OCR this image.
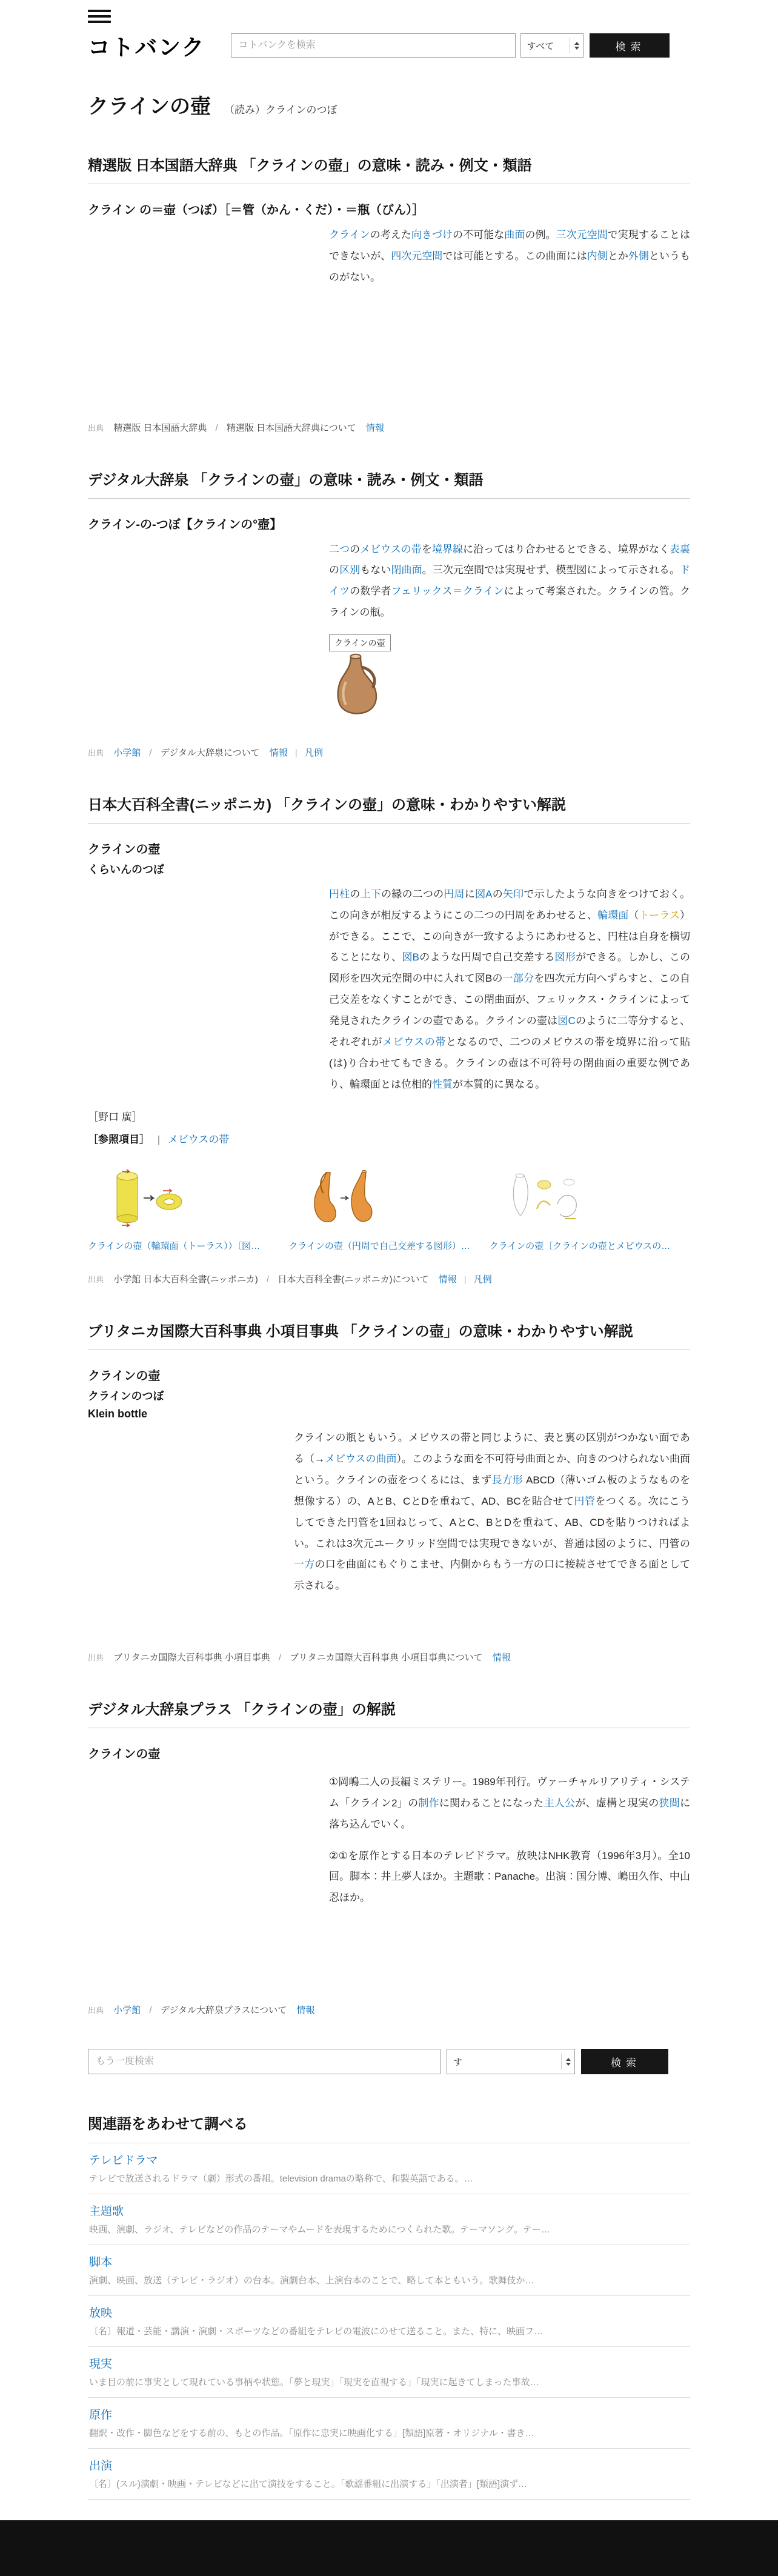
コトバンク
コトバンクを検索	すべて	検索
クラインの壺 （読み）クラインのつぼ
精選版 日本国語大辞典 「クラインの壺」の意味・読み・例文・類語
クライン の＝壺（つぼ）［＝管（かん・くだ）・＝瓶（びん）］
クラインの考えた向きづけの不可能な曲面の例。三次元空間で実現することはできないが、四次元空間では可能とする。この曲面には内側とか外側というものがない。
出典 精選版 日本国語大辞典 / 精選版 日本国語大辞典について 情報
デジタル大辞泉 「クラインの壺」の意味・読み・例文・類語
クライン‐の‐つぼ【クラインの°壺】
二つのメビウスの帯を境界線に沿ってはり合わせるとできる、境界がなく表裏の区別もない閉曲面。三次元空間では実現せず、模型図によって示される。ドイツの数学者フェリックス＝クラインによって考案された。クラインの管。クラインの瓶。
クラインの壺
出典 小学館 / デジタル大辞泉について 情報 | 凡例
日本大百科全書(ニッポニカ) 「クラインの壺」の意味・わかりやすい解説
クラインの壺
くらいんのつぼ
円柱の上下の縁の二つの円周に図Aの矢印で示したような向きをつけておく。この向きが相反するようにこの二つの円周をあわせると、輪環面（トーラス）ができる。ここで、この向きが一致するようにあわせると、円柱は自身を横切ることになり、図Bのような円周で自己交差する図形ができる。しかし、この図形を四次元空間の中に入れて図Bの一部分を四次元方向へずらすと、この自己交差をなくすことができ、この閉曲面が、フェリックス・クラインによって発見されたクラインの壺である。クラインの壺は図Cのように二等分すると、それぞれがメビウスの帯となるので、二つのメビウスの帯を境界に沿って貼(は)り合わせてもできる。クラインの壺は不可符号の閉曲面の重要な例であり、輪環面とは位相的性質が本質的に異なる。
［野口 廣］
［参照項目］ | メビウスの帯
クラインの壺（輪環面（トーラス））〔図…	クラインの壺（円周で自己交差する図形）…	クラインの壺〔クラインの壺とメビウスの…
出典 小学館 日本大百科全書(ニッポニカ) / 日本大百科全書(ニッポニカ)について 情報 | 凡例
ブリタニカ国際大百科事典 小項目事典 「クラインの壺」の意味・わかりやすい解説
クラインの壺
クラインのつぼ
Klein bottle
クラインの瓶ともいう。メビウスの帯と同じように、表と裏の区別がつかない面である（→メビウスの曲面）。このような面を不可符号曲面とか、向きのつけられない曲面という。クラインの壺をつくるには、まず長方形 ABCD（薄いゴム板のようなものを想像する）の、AとB、CとDを重ねて、AD、BCを貼合せて円管をつくる。次にこうしてできた円管を1回ねじって、AとC、BとDを重ねて、AB、CDを貼りつければよい。これは3次元ユークリッド空間では実現できないが、普通は図のように、円管の一方の口を曲面にもぐりこませ、内側からもう一方の口に接続させてできる面として示される。
出典 ブリタニカ国際大百科事典 小項目事典 / ブリタニカ国際大百科事典 小項目事典について 情報
デジタル大辞泉プラス 「クラインの壺」の解説
クラインの壺

①岡嶋二人の長編ミステリー。1989年刊行。ヴァーチャルリアリティ・システム「クライン2」の制作に関わることになった主人公が、虚構と現実の狭間に落ち込んでいく。

②①を原作とする日本のテレビドラマ。放映はNHK教育（1996年3月）。全10回。脚本：井上夢人ほか。主題歌：Panache。出演：国分博、嶋田久作、中山忍ほか。

出典 小学館 / デジタル大辞泉プラスについて 情報
もう一度検索
す	検索
関連語をあわせて調べる
テレビドラマ
テレビで放送されるドラマ（劇）形式の番組。television dramaの略称で、和製英語である。…
主題歌
映画、演劇、ラジオ、テレビなどの作品のテーマやムードを表現するためにつくられた歌。テーマソング。テー…
脚本
演劇、映画、放送（テレビ・ラジオ）の台本。演劇台本、上演台本のことで、略して本ともいう。歌舞伎か…
放映
〔名〕報道・芸能・講演・演劇・スポーツなどの番組をテレビの電波にのせて送ること。また、特に、映画フ…
現実
いま目の前に事実として現れている事柄や状態。「夢と現実」「現実を直視する」「現実に起きてしまった事故…
原作
翻訳・改作・脚色などをする前の、もとの作品。「原作に忠実に映画化する」[類語]原著・オリジナル・書き…
出演
〔名〕(スル)演劇・映画・テレビなどに出て演技をすること。「歌謡番組に出演する」「出演者」[類語]演ず…
